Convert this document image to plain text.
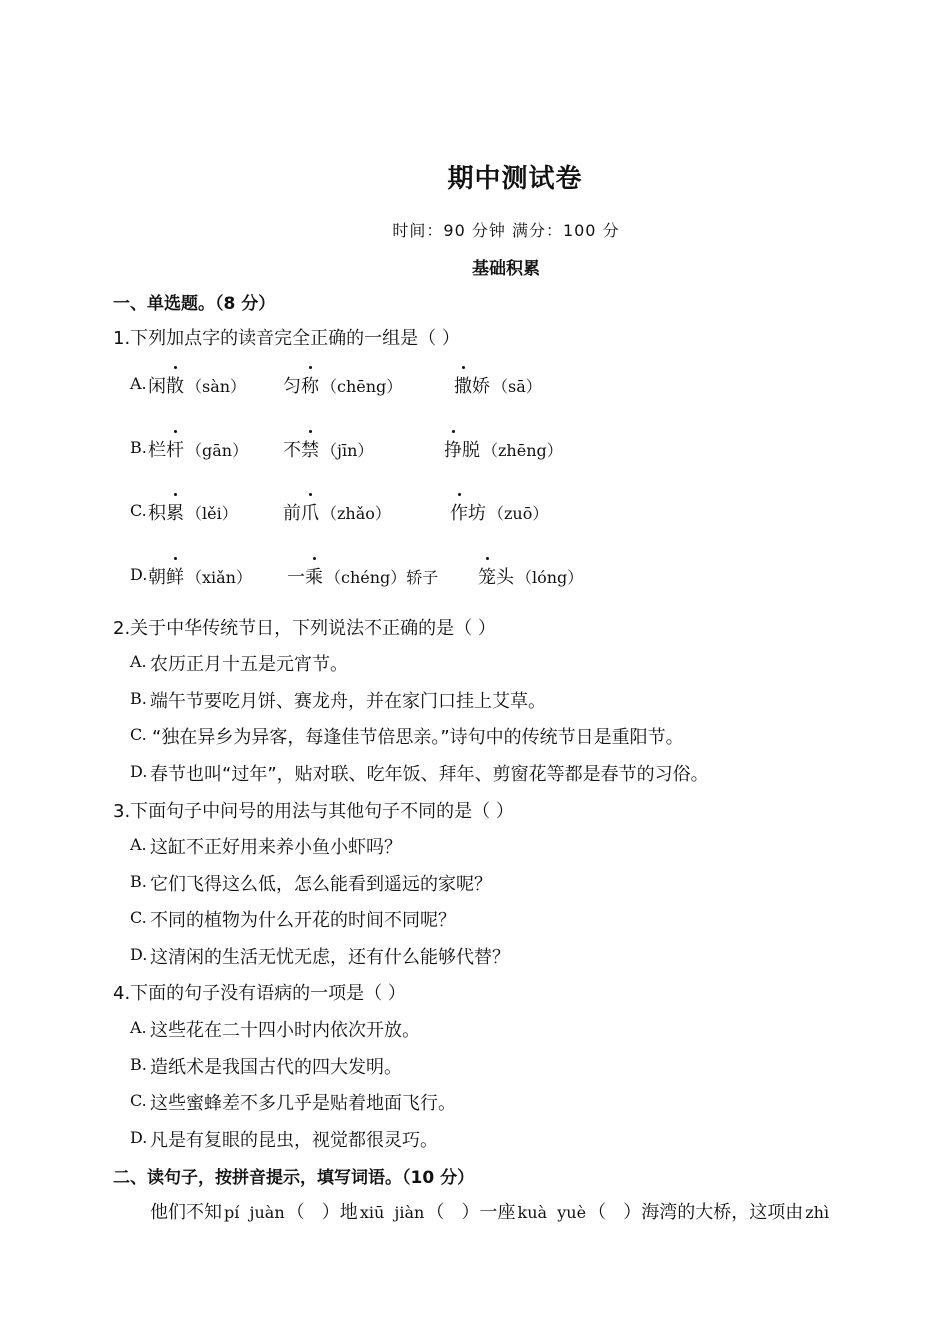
期中测试卷
时间：90 分钟 满分：100 分
基础积累
一、单选题。（8 分）
1.下列加点字的读音完全正确的一组是（ ）
A. 闲散 （sàn） 匀称 （chēng）	撒娇 （sā）
B. 栏杆 （gān） 不禁 （jīn）	挣脱 （zhēng）
C. 积累 （lěi）	前爪 （zhǎo）	作坊 （zuō）
D. 朝鲜 （xiǎn） 一乘 （chéng）轿子 笼头 （lóng）
2.关于中华传统节日，下列说法不正确的是（ ）
A. 农历正月十五是元宵节。
B. 端午节要吃月饼、赛龙舟，并在家门口挂上艾草。
C. “独在异乡为异客，每逢佳节倍思亲。”诗句中的传统节日是重阳节。
D. 春节也叫“过年”，贴对联、吃年饭、拜年、剪窗花等都是春节的习俗。
3.下面句子中问号的用法与其他句子不同的是（ ）
A. 这缸不正好用来养小鱼小虾吗？
B. 它们飞得这么低，怎么能看到遥远的家呢？
C. 不同的植物为什么开花的时间不同呢？
D. 这清闲的生活无忧无虑，还有什么能够代替？
4.下面的句子没有语病的一项是（ ）
A. 这些花在二十四小时内依次开放。
B. 造纸术是我国古代的四大发明。
C. 这些蜜蜂差不多几乎是贴着地面飞行。
D. 凡是有复眼的昆虫，视觉都很灵巧。
二、读句子，按拼音提示，填写词语。（10 分）
他们不知 pí  juàn （   ）地 xiū  jiàn （   ）一座 kuà  yuè （   ）海湾的大桥，这项由 zhì
